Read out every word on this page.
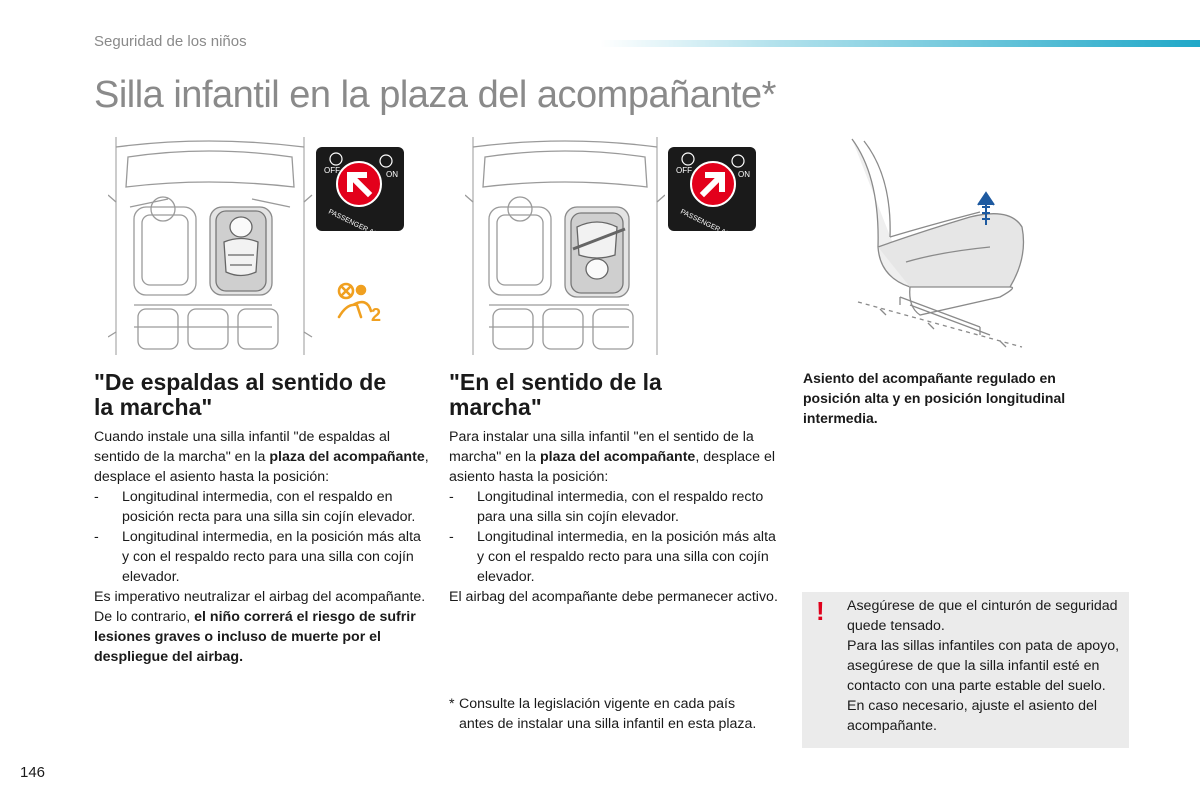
Seguridad de los niños
Silla infantil en la plaza del acompañante*
OFF	ON
2
OFF	ON
"De espaldas al sentido de
la marcha"

Cuando instale una silla infantil "de espaldas al sentido de la marcha" en la plaza del acompañante, desplace el asiento hasta la posición:

-	Longitudinal intermedia, con el respaldo en posición recta para una silla sin cojín elevador.
-	Longitudinal intermedia, en la posición más alta y con el respaldo recto para una silla con cojín elevador.

Es imperativo neutralizar el airbag del acompañante. De lo contrario, el niño correrá el riesgo de sufrir lesiones graves o incluso de muerte por el despliegue del airbag.

"En el sentido de la
marcha"

Para instalar una silla infantil "en el sentido de la marcha" en la plaza del acompañante, desplace el asiento hasta la posición:

-	Longitudinal intermedia, con el respaldo recto para una silla sin cojín elevador.
-	Longitudinal intermedia, en la posición más alta y con el respaldo recto para una silla con cojín elevador.

El airbag del acompañante debe permanecer activo.

* Consulte la legislación vigente en cada país antes de instalar una silla infantil en esta plaza.
Asiento del acompañante regulado en posición alta y en posición longitudinal intermedia.
! Asegúrese de que el cinturón de seguridad quede tensado.

Para las sillas infantiles con pata de apoyo, asegúrese de que la silla infantil esté en contacto con una parte estable del suelo. En caso necesario, ajuste el asiento del acompañante.

146
